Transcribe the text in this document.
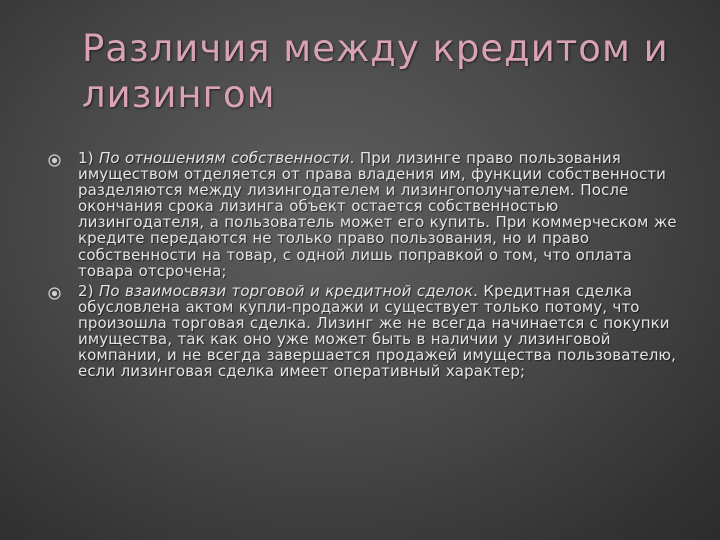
Различия между кредитом и лизингом
1) По отношениям собственности. При лизинге право пользования имуществом отделяется от права владения им, функции собственности разделяются между лизингодателем и лизингополучателем. После окончания срока лизинга объект остается собственностью лизингодателя, а пользователь может его купить. При коммерческом же кредите передаются не только право пользования, но и право собственности на товар, с одной лишь поправкой о том, что оплата товара отсрочена;
2) По взаимосвязи торговой и кредитной сделок. Кредитная сделка обусловлена актом купли-продажи и существует только потому, что произошла торговая сделка. Лизинг же не всегда начинается с покупки имущества, так как оно уже может быть в наличии у лизинговой компании, и не всегда завершается продажей имущества пользователю, если лизинговая сделка имеет оперативный характер;
